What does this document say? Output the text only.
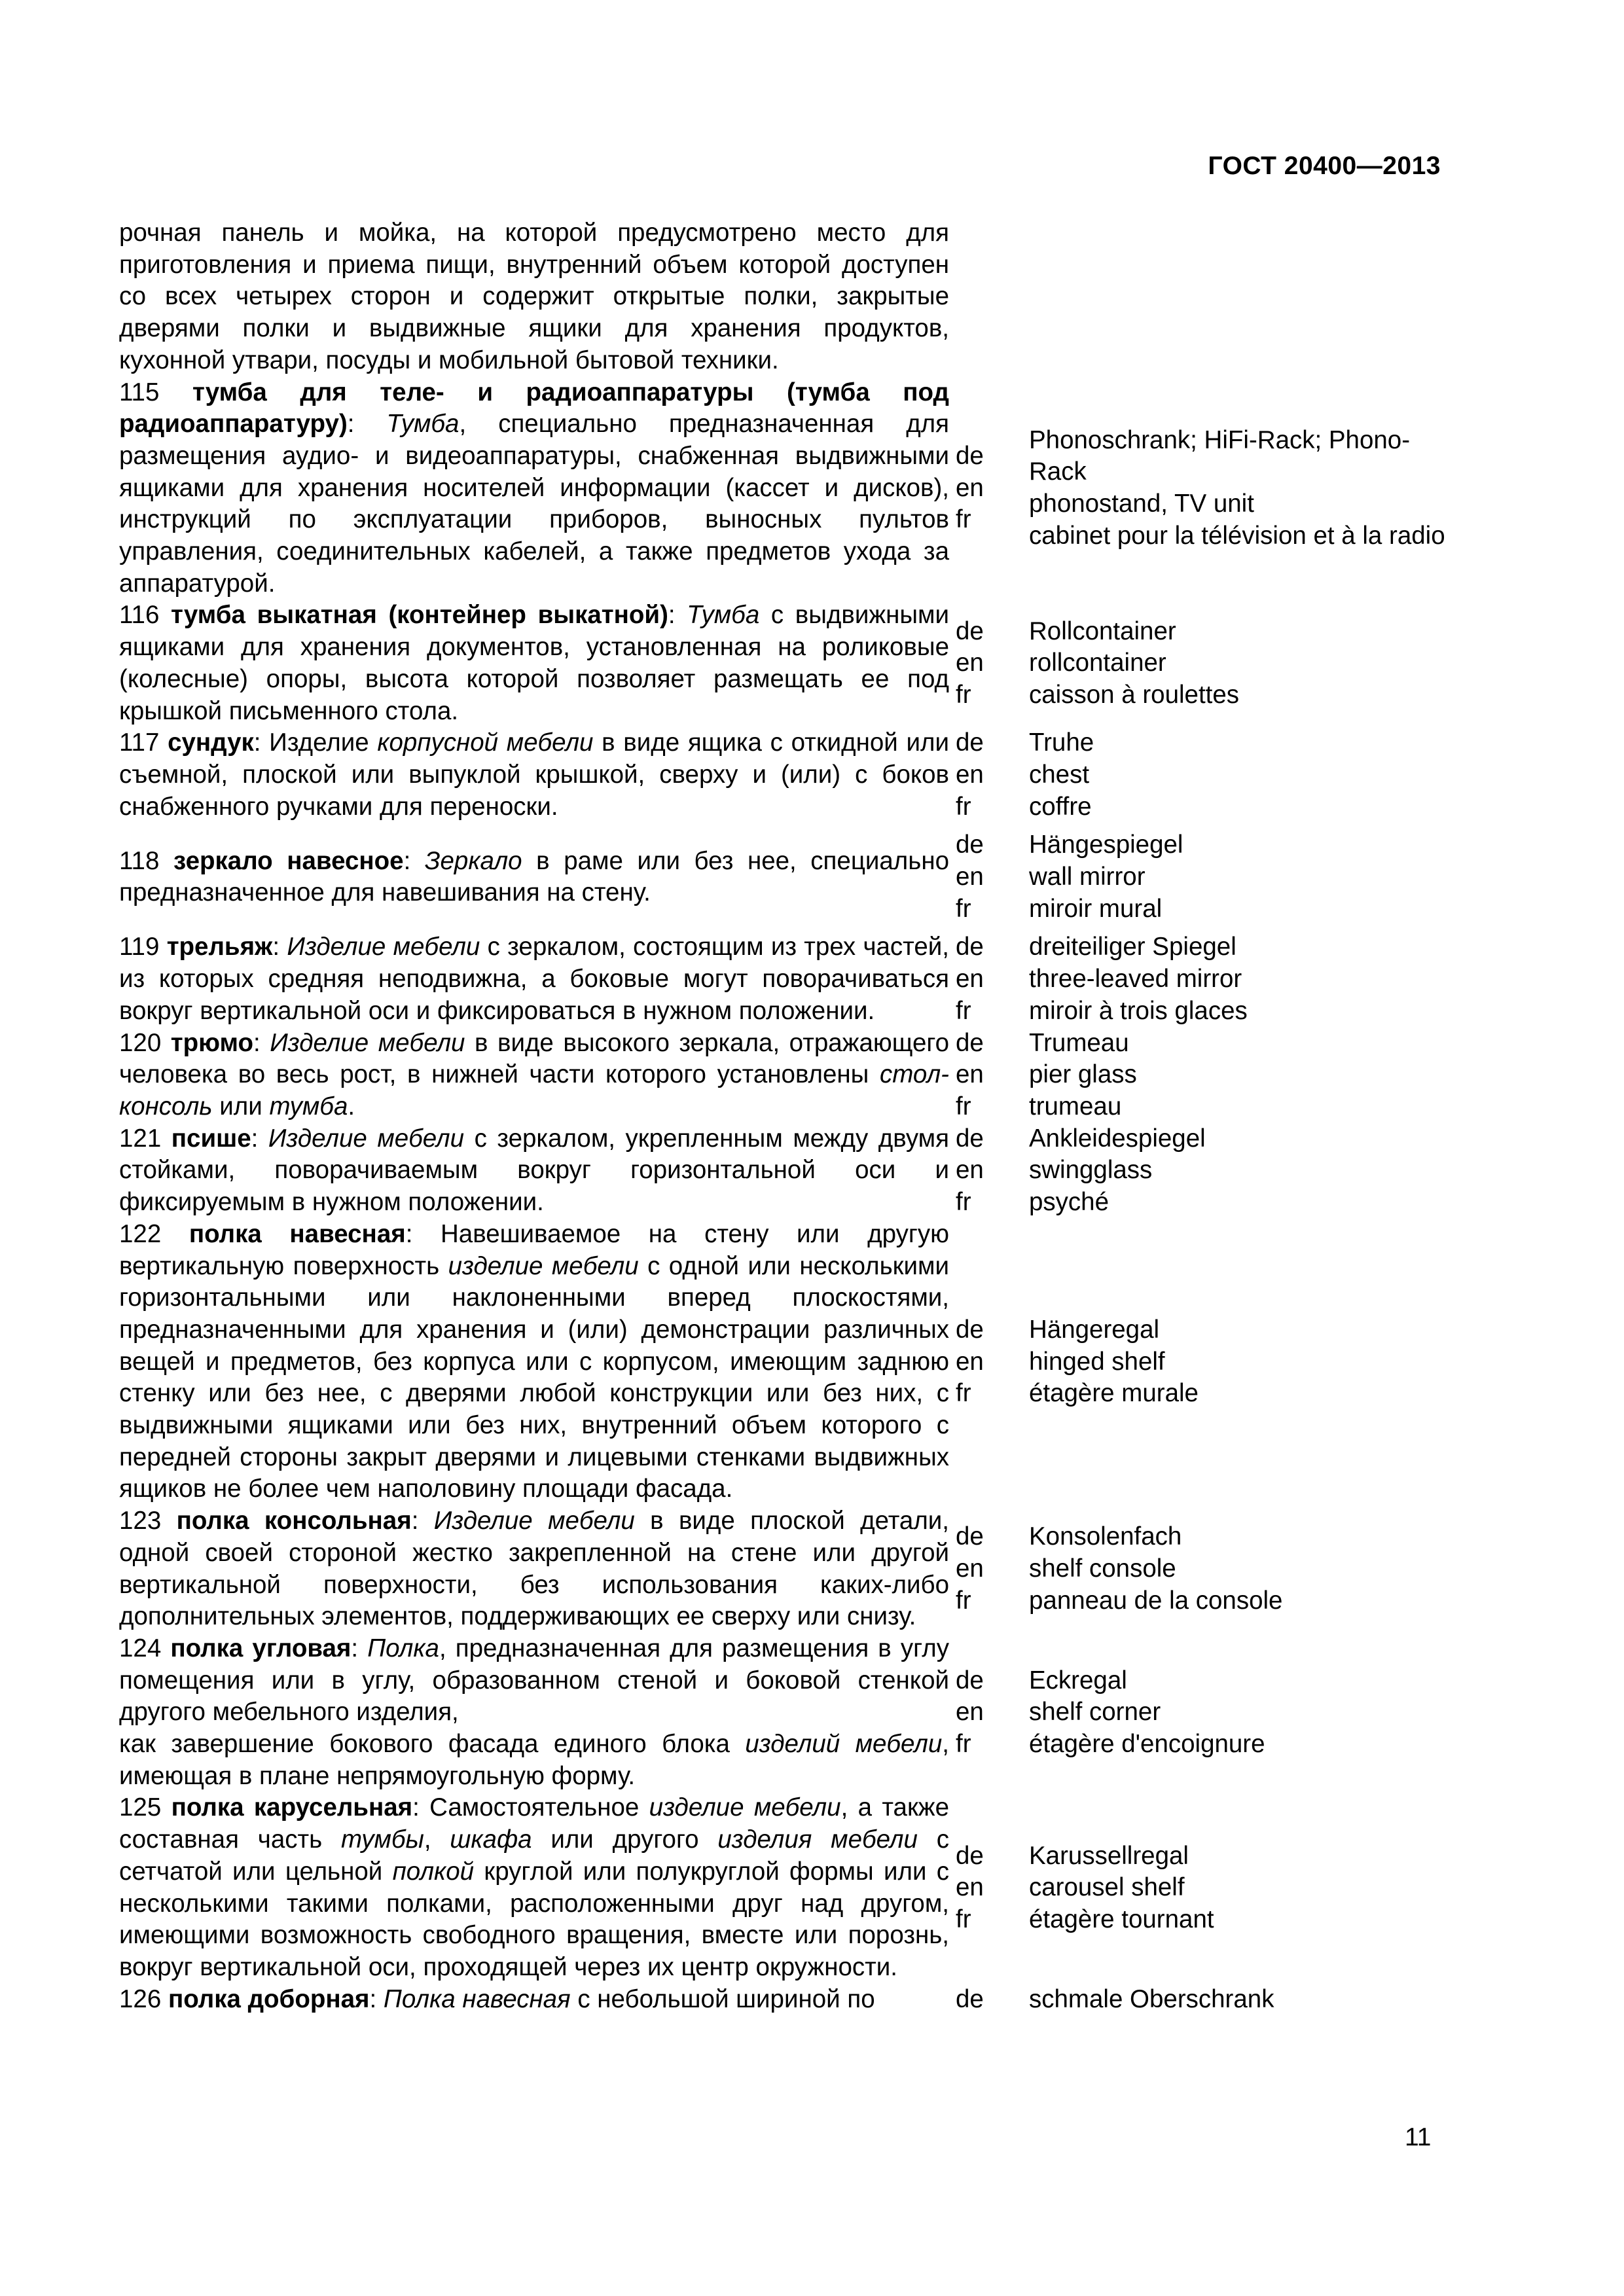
ГОСТ 20400—2013
рочная панель и мойка, на которой предусмотрено место для приготовления и приема пищи, внутренний объем которой доступен со всех четырех сторон и содержит открытые полки, закрытые дверями полки и выдвижные ящики для хранения продуктов, кухонной утвари, посуды и мобильной бытовой техники.
115 тумба для теле- и радиоаппаратуры (тумба под радиоаппаратуру): Тумба, специально предназначенная для размещения аудио- и видеоаппаратуры, снабженная выдвижными ящиками для хранения носителей информации (кассет и дисков), инструкций по эксплуатации приборов, выносных пультов управления, соединительных кабелей, а также предметов ухода за аппаратурой.
de
en
fr
Phonoschrank; HiFi-Rack; Phono-Rack
phonostand, TV unit
cabinet pour la télévision et à la radio
116 тумба выкатная (контейнер выкатной): Тумба с выдвижными ящиками для хранения документов, установленная на роликовые (колесные) опоры, высота которой позволяет размещать ее под крышкой письменного стола.
de
en
fr
Rollcontainer
rollcontainer
caisson à roulettes
117 сундук: Изделие корпусной мебели в виде ящика с откидной или съемной, плоской или выпуклой крышкой, сверху и (или) с боков снабженного ручками для переноски.
de
en
fr
Truhe
chest
coffre
118 зеркало навесное: Зеркало в раме или без нее, специально предназначенное для навешивания на стену.
de
en
fr
Hängespiegel
wall mirror
miroir mural
119 трельяж: Изделие мебели с зеркалом, состоящим из трех частей, из которых средняя неподвижна, а боковые могут поворачиваться вокруг вертикальной оси и фиксироваться в нужном положении.
de
en
fr
dreiteiliger Spiegel
three-leaved mirror
miroir à trois glaces
120 трюмо: Изделие мебели в виде высокого зеркала, отражающего человека во весь рост, в нижней части которого установлены стол-консоль или тумба.
de
en
fr
Trumeau
pier glass
trumeau
121 псише: Изделие мебели с зеркалом, укрепленным между двумя стойками, поворачиваемым вокруг горизонтальной оси и фиксируемым в нужном положении.
de
en
fr
Ankleidespiegel
swingglass
psyché
122 полка навесная: Навешиваемое на стену или другую вертикальную поверхность изделие мебели с одной или несколькими горизонтальными или наклоненными вперед плоскостями, предназначенными для хранения и (или) демонстрации различных вещей и предметов, без корпуса или с корпусом, имеющим заднюю стенку или без нее, с дверями любой конструкции или без них, с выдвижными ящиками или без них, внутренний объем которого с передней стороны закрыт дверями и лицевыми стенками выдвижных ящиков не более чем наполовину площади фасада.
de
en
fr
Hängeregal
hinged shelf
étagère murale
123 полка консольная: Изделие мебели в виде плоской детали, одной своей стороной жестко закрепленной на стене или другой вертикальной поверхности, без использования каких-либо дополнительных элементов, поддерживающих ее сверху или снизу.
de
en
fr
Konsolenfach
shelf console
panneau de la console
124 полка угловая: Полка, предназначенная для размещения в углу помещения или в углу, образованном стеной и боковой стенкой другого мебельного изделия,
как завершение бокового фасада единого блока изделий мебели, имеющая в плане непрямоугольную форму.
de
en
fr
Eckregal
shelf corner
étagère d'encoignure
125 полка карусельная: Самостоятельное изделие мебели, а также составная часть тумбы, шкафа или другого изделия мебели с сетчатой или цельной полкой круглой или полукруглой формы или с несколькими такими полками, расположенными друг над другом, имеющими возможность свободного вращения, вместе или порознь, вокруг вертикальной оси, проходящей через их центр окружности.
de
en
fr
Karussellregal
carousel shelf
étagère tournant
126 полка доборная: Полка навесная с небольшой шириной по	de	schmale Oberschrank
11
